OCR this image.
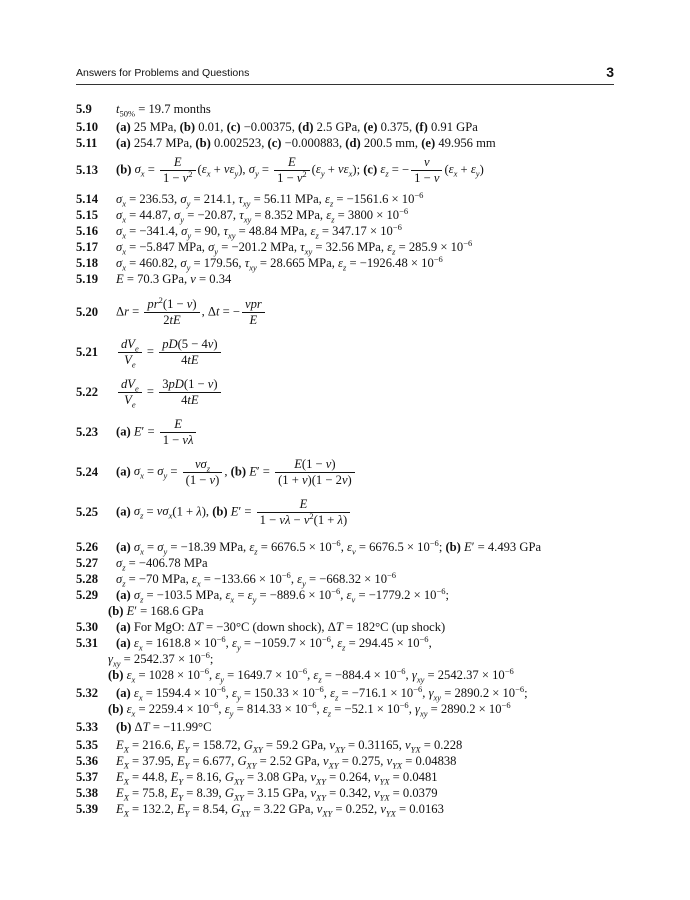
Answers for Problems and Questions	3
5.9 $t_{50\%} = 19.7$ months
5.10 (a) 25 MPa, (b) 0.01, (c) −0.00375, (d) 2.5 GPa, (e) 0.375, (f) 0.91 GPa
5.11 (a) 254.7 MPa, (b) 0.002523, (c) −0.000883, (d) 200.5 mm, (e) 49.956 mm
5.13	(b) $\sigma_x = \frac{E}{1 - \nu^2} (\varepsilon_x + \nu\varepsilon_y)$, $\sigma_y = \frac{E}{1 - \nu^2} (\varepsilon_y + \nu\varepsilon_x)$; (c) $\varepsilon_z$ = − $\frac{\nu}{1 - \nu} (\varepsilon_x + \varepsilon_y)$
5.14 $\sigma_x = 236.53$, $\sigma_y = 214.1$, $\tau_{xy} = 56.11$ MPa, $\varepsilon_z = -1561.6 \times 10^{-6}$
5.15 $\sigma_x = 44.87$, $\sigma_y = -20.87$, $\tau_{xy} = 8.352$ MPa, $\varepsilon_z = 3800 \times 10^{-6}$
5.16 $\sigma_x = -341.4$, $\sigma_y = 90$, $\tau_{xy} = 48.84$ MPa, $\varepsilon_z = 347.17 \times 10^{-6}$
5.17 $\sigma_x = -5.847$ MPa, $\sigma_y = -201.2$ MPa, $\tau_{xy} = 32.56$ MPa, $\varepsilon_z = 285.9 \times 10^{-6}$
5.18 $\sigma_x = 460.82$, $\sigma_y = 179.56$, $\tau_{xy} = 28.665$ MPa, $\varepsilon_z = -1926.48 \times 10^{-6}$
5.19 E = 70.3 GPa, ν = 0.34
5.20	$\Delta r = \frac{pr^2(1 - \nu)}{2tE}$ , Δt = − $\frac{\text{νpr}}{E}$
5.21	$\frac{dV_e}{V_e} = \frac{pD(5 - 4\nu)}{4tE}$
5.22	$\frac{dV_e}{V_e} = \frac{3pD(1 - \nu)}{4tE}$
5.23	(a) $E' = \frac{E}{1 - \nu\lambda}$
5.24	(a) $\sigma_x = \sigma_y = \frac{\nu\sigma_z}{(1 - \nu)}$ , (b) $E' = \frac{E(1 - \nu)}{(1 + \nu)(1 - 2\nu)}$
5.25	(a) $\sigma_z = \nu\sigma_x(1 + \lambda)$, (b) $E' = \frac{E}{1 - \nu\lambda - \nu^2(1 + \lambda)}$
5.26 (a) $\sigma_x = \sigma_y = -18.39$ MPa, $\varepsilon_z = 6676.5 \times 10^{-6}$, $\varepsilon_v = 6676.5 \times 10^{-6}$; (b) E′ = 4.493 GPa
5.27 $\sigma_z = -406.78$ MPa
5.28 $\sigma_z = -70$ MPa, $\varepsilon_x = -133.66 \times 10^{-6}$, $\varepsilon_y = -668.32 \times 10^{-6}$
5.29 (a) $\sigma_z = -103.5$ MPa, $\varepsilon_x = \varepsilon_y = -889.6 \times 10^{-6}$, $\varepsilon_v = -1779.2 \times 10^{-6}$;
(b) E′ = 168.6 GPa
5.30 (a) For MgO: ΔT = −30°C (down shock), ΔT = 182°C (up shock)
5.31 (a) $\varepsilon_x = 1618.8 \times 10^{-6}$, $\varepsilon_y = -1059.7 \times 10^{-6}$, $\varepsilon_z = 294.45 \times 10^{-6}$,
$\gamma_{xy} = 2542.37 \times 10^{-6}$;
(b) $\varepsilon_x = 1028 \times 10^{-6}$, $\varepsilon_y = 1649.7 \times 10^{-6}$, $\varepsilon_z = -884.4 \times 10^{-6}$, $\gamma_{xy} = 2542.37 \times 10^{-6}$
5.32 (a) $\varepsilon_x = 1594.4 \times 10^{-6}$, $\varepsilon_y = 150.33 \times 10^{-6}$, $\varepsilon_z = -716.1 \times 10^{-6}$, $\gamma_{xy} = 2890.2 \times 10^{-6}$;
(b) $\varepsilon_x = 2259.4 \times 10^{-6}$, $\varepsilon_y = 814.33 \times 10^{-6}$, $\varepsilon_z = -52.1 \times 10^{-6}$, $\gamma_{xy} = 2890.2 \times 10^{-6}$
5.33 (b) ΔT = −11.99°C
5.35 $E_X = 216.6$, $E_Y = 158.72$, $G_{XY} = 59.2$ GPa, $\nu_{XY} = 0.31165$, $\nu_{YX} = 0.228$
5.36 $E_X = 37.95$, $E_Y = 6.677$, $G_{XY} = 2.52$ GPa, $\nu_{XY} = 0.275$, $\nu_{YX} = 0.04838$
5.37 $E_X = 44.8$, $E_Y = 8.16$, $G_{XY} = 3.08$ GPa, $\nu_{XY} = 0.264$, $\nu_{YX} = 0.0481$
5.38 $E_X = 75.8$, $E_Y = 8.39$, $G_{XY} = 3.15$ GPa, $\nu_{XY} = 0.342$, $\nu_{YX} = 0.0379$
5.39 $E_X = 132.2$, $E_Y = 8.54$, $G_{XY} = 3.22$ GPa, $\nu_{XY} = 0.252$, $\nu_{YX} = 0.0163$
